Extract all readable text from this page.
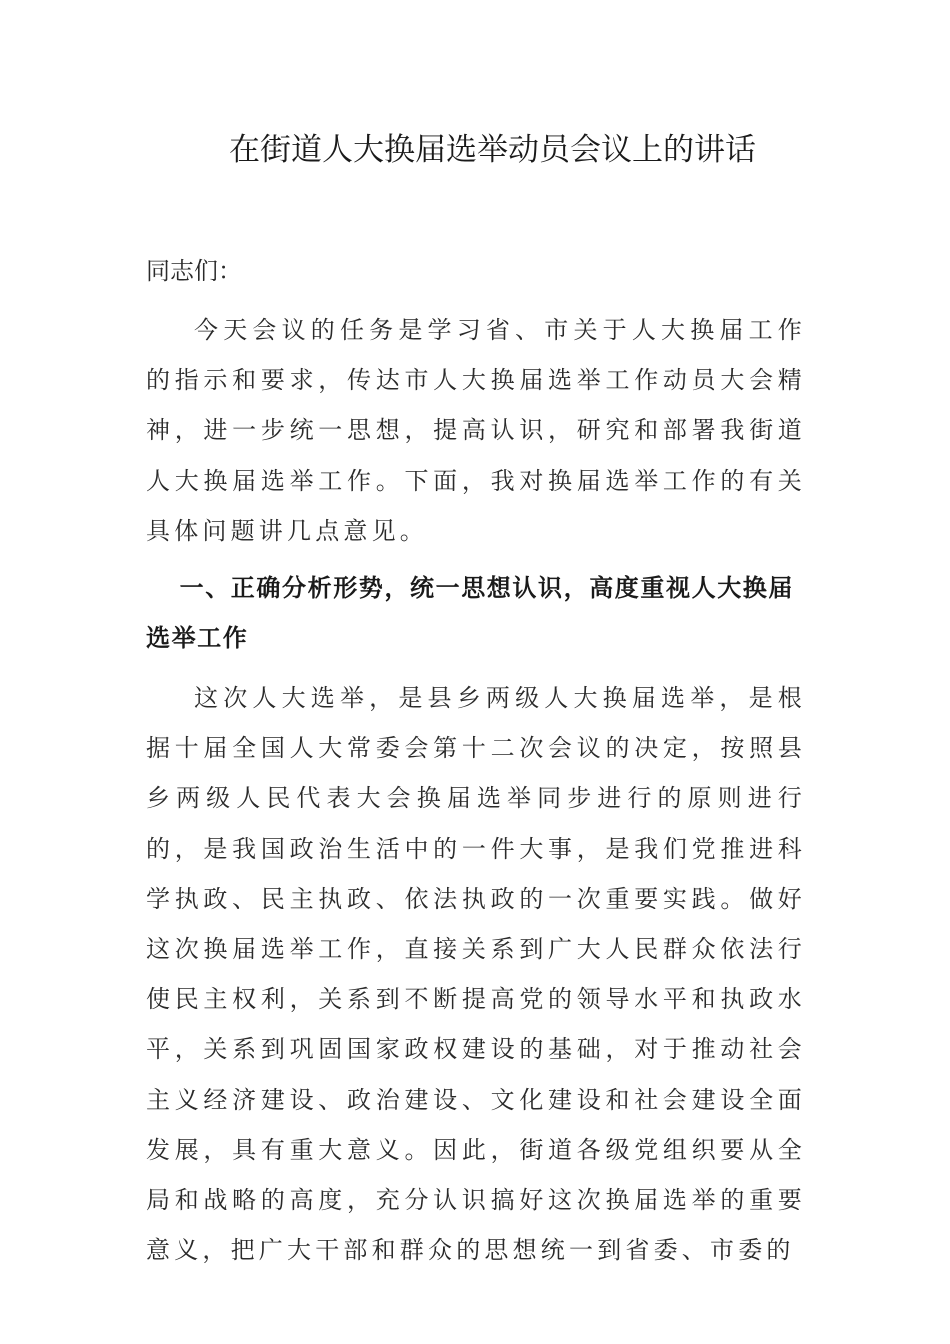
在街道人大换届选举动员会议上的讲话

同志们：

今天会议的任务是学习省、市关于人大换届工作的指示和要求，传达市人大换届选举工作动员大会精神，进一步统一思想，提高认识，研究和部署我街道人大换届选举工作。下面，我对换届选举工作的有关具体问题讲几点意见。

一、正确分析形势，统一思想认识，高度重视人大换届选举工作

这次人大选举，是县乡两级人大换届选举，是根据十届全国人大常委会第十二次会议的决定，按照县乡两级人民代表大会换届选举同步进行的原则进行的，是我国政治生活中的一件大事，是我们党推进科学执政、民主执政、依法执政的一次重要实践。做好这次换届选举工作，直接关系到广大人民群众依法行使民主权利，关系到不断提高党的领导水平和执政水平，关系到巩固国家政权建设的基础，对于推动社会主义经济建设、政治建设、文化建设和社会建设全面发展，具有重大意义。因此，街道各级党组织要从全局和战略的高度，充分认识搞好这次换届选举的重要意义，把广大干部和群众的思想统一到省委、市委的
